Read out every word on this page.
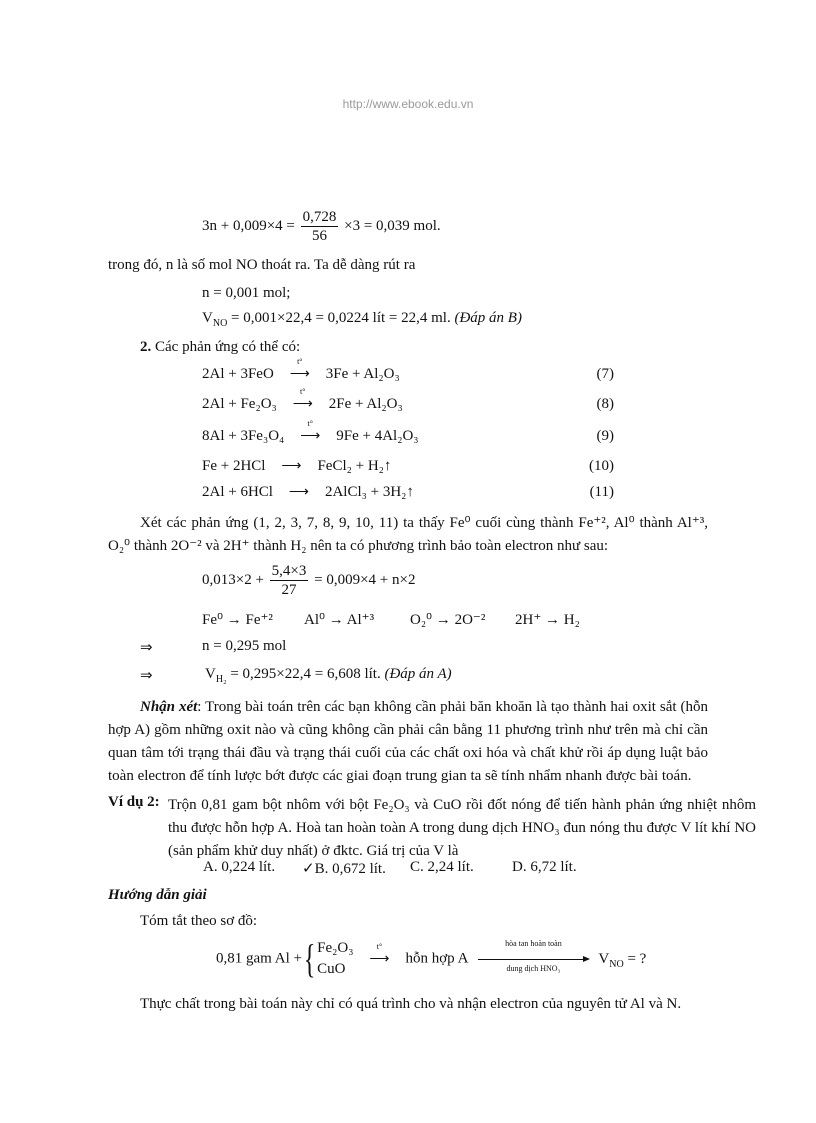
http://www.ebook.edu.vn
$3n + 0,009\times 4 = \frac{0,728}{56} \times 3 = 0,039$ mol.
trong đó, n là số mol NO thoát ra. Ta dễ dàng rút ra
n = 0,001 mol;
$V_{NO} = 0,001\times 22,4 = 0,0224$ lít = 22,4 ml. (Đáp án B)
2. Các phản ứng có thể có:
2Al + 3FeO
t°
⟶ 3Fe + Al₂O₃	(7)
2Al + Fe₂O₃
t°
⟶ 2Fe + Al₂O₃	(8)
8Al + 3Fe₃O₄
t°
⟶ 9Fe + 4Al₂O₃	(9)
Fe + 2HCl ⟶ FeCl₂ + H₂↑	(10)
2Al + 6HCl ⟶ 2AlCl₃ + 3H₂↑	(11)
Xét các phản ứng (1, 2, 3, 7, 8, 9, 10, 11) ta thấy Fe⁰ cuối cùng thành Fe⁺², Al⁰ thành Al⁺³, O₂⁰ thành 2O⁻² và 2H⁺ thành H₂ nên ta có phương trình bảo toàn electron như sau:
$0,013\times 2 + \frac{5,4\times 3}{27} = 0,009\times 4 + n\times 2$
Fe⁰ → Fe⁺² Al⁰ → Al⁺³ O₂⁰ → 2O⁻² 2H⁺ → H₂
⇒	n = 0,295 mol
⇒	$V_{H_2} = 0,295\times 22,4 = 6,608$ lít. (Đáp án A)
Nhận xét: Trong bài toán trên các bạn không cần phải băn khoăn là tạo thành hai oxit sắt (hỗn hợp A) gồm những oxit nào và cũng không cần phải cân bằng 11 phương trình như trên mà chỉ cần quan tâm tới trạng thái đầu và trạng thái cuối của các chất oxi hóa và chất khử rồi áp dụng luật bảo toàn electron để tính lược bớt được các giai đoạn trung gian ta sẽ tính nhẩm nhanh được bài toán.
Ví dụ 2: Trộn 0,81 gam bột nhôm với bột Fe₂O₃ và CuO rồi đốt nóng để tiến hành phản ứng nhiệt nhôm thu được hỗn hợp A. Hoà tan hoàn toàn A trong dung dịch HNO₃ đun nóng thu được V lít khí NO (sản phẩm khử duy nhất) ở đktc. Giá trị của V là
A. 0,224 lít. ✓B. 0,672 lít. C. 2,24 lít.	D. 6,72 lít.
Hướng dẫn giải
Tóm tắt theo sơ đồ:
0,81 gam Al +{ Fe₂O₃
CuO
t°
⟶ hỗn hợp A
hòa tan hoàn toàn
dung dịch HNO₃
$V_{NO}$ = ?
Thực chất trong bài toán này chỉ có quá trình cho và nhận electron của nguyên tử Al và N.
